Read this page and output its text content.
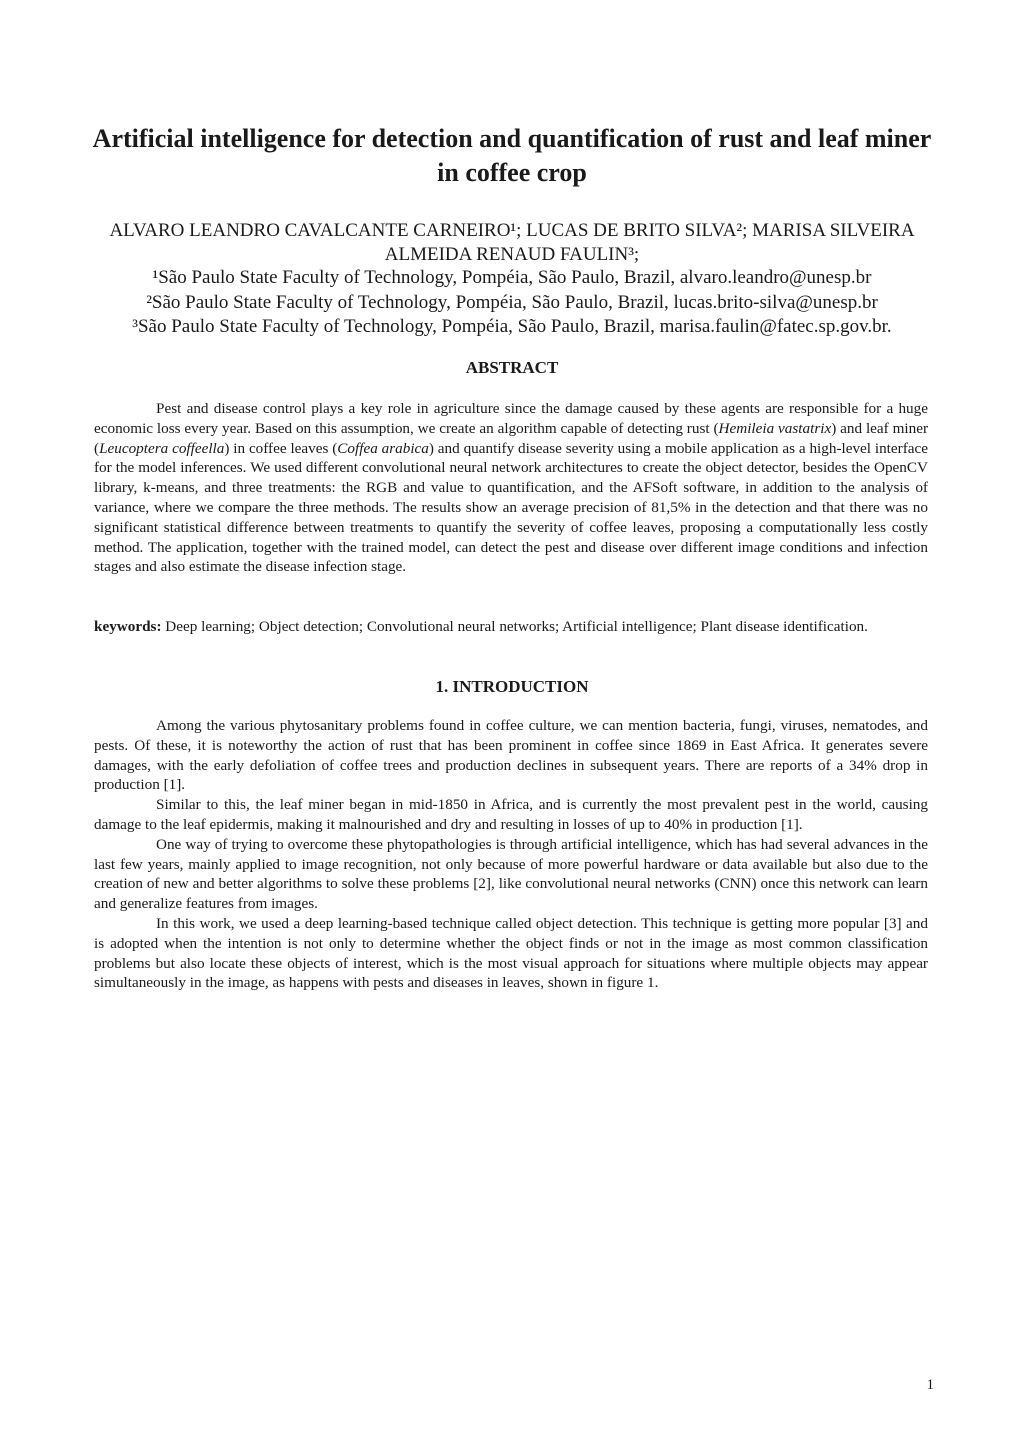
Artificial intelligence for detection and quantification of rust and leaf miner in coffee crop
ALVARO LEANDRO CAVALCANTE CARNEIRO¹; LUCAS DE BRITO SILVA²; MARISA SILVEIRA ALMEIDA RENAUD FAULIN³;
¹São Paulo State Faculty of Technology, Pompéia, São Paulo, Brazil, alvaro.leandro@unesp.br
²São Paulo State Faculty of Technology, Pompéia, São Paulo, Brazil, lucas.brito-silva@unesp.br
³São Paulo State Faculty of Technology, Pompéia, São Paulo, Brazil, marisa.faulin@fatec.sp.gov.br.
ABSTRACT

Pest and disease control plays a key role in agriculture since the damage caused by these agents are responsible for a huge economic loss every year. Based on this assumption, we create an algorithm capable of detecting rust (Hemileia vastatrix) and leaf miner (Leucoptera coffeella) in coffee leaves (Coffea arabica) and quantify disease severity using a mobile application as a high-level interface for the model inferences. We used different convolutional neural network architectures to create the object detector, besides the OpenCV library, k-means, and three treatments: the RGB and value to quantification, and the AFSoft software, in addition to the analysis of variance, where we compare the three methods. The results show an average precision of 81,5% in the detection and that there was no significant statistical difference between treatments to quantify the severity of coffee leaves, proposing a computationally less costly method. The application, together with the trained model, can detect the pest and disease over different image conditions and infection stages and also estimate the disease infection stage.

keywords: Deep learning; Object detection; Convolutional neural networks; Artificial intelligence; Plant disease identification.
1. INTRODUCTION

Among the various phytosanitary problems found in coffee culture, we can mention bacteria, fungi, viruses, nematodes, and pests. Of these, it is noteworthy the action of rust that has been prominent in coffee since 1869 in East Africa. It generates severe damages, with the early defoliation of coffee trees and production declines in subsequent years. There are reports of a 34% drop in production [1].

Similar to this, the leaf miner began in mid-1850 in Africa, and is currently the most prevalent pest in the world, causing damage to the leaf epidermis, making it malnourished and dry and resulting in losses of up to 40% in production [1].

One way of trying to overcome these phytopathologies is through artificial intelligence, which has had several advances in the last few years, mainly applied to image recognition, not only because of more powerful hardware or data available but also due to the creation of new and better algorithms to solve these problems [2], like convolutional neural networks (CNN) once this network can learn and generalize features from images.

In this work, we used a deep learning-based technique called object detection. This technique is getting more popular [3] and is adopted when the intention is not only to determine whether the object finds or not in the image as most common classification problems but also locate these objects of interest, which is the most visual approach for situations where multiple objects may appear simultaneously in the image, as happens with pests and diseases in leaves, shown in figure 1.

1
